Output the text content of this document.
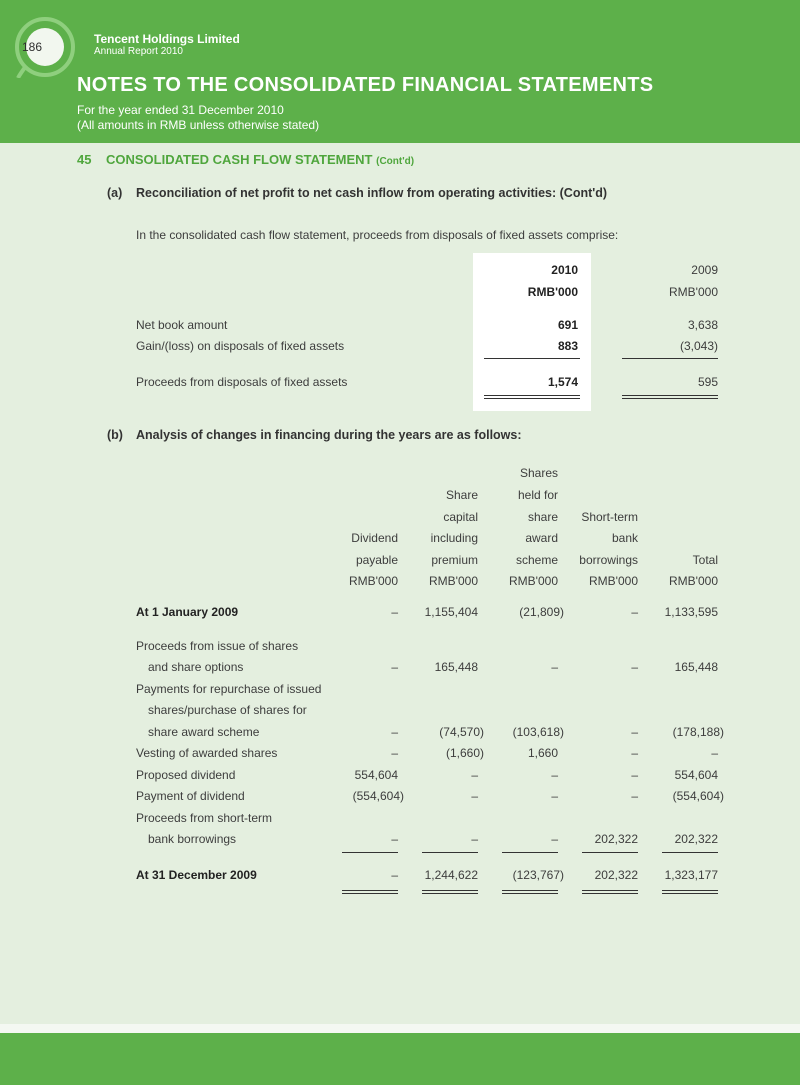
186
Tencent Holdings Limited
Annual Report 2010
NOTES TO THE CONSOLIDATED FINANCIAL STATEMENTS
For the year ended 31 December 2010
(All amounts in RMB unless otherwise stated)
45 CONSOLIDATED CASH FLOW STATEMENT (Cont'd)
(a) Reconciliation of net profit to net cash inflow from operating activities: (Cont'd)
In the consolidated cash flow statement, proceeds from disposals of fixed assets comprise:
2010	2009
RMB'000	RMB'000
Net book amount	691	3,638
Gain/(loss) on disposals of fixed assets	883	(3,043)
Proceeds from disposals of fixed assets	1,574	595
(b) Analysis of changes in financing during the years are as follows:
Dividend
payable
RMB'000
Share
capital
including
premium
RMB'000
Shares
held for
share
award
scheme
RMB'000
Short-term
bank
borrowings
RMB'000
Total
RMB'000
At 1 January 2009	–	1,155,404	(21,809)	–	1,133,595
Proceeds from issue of shares
and share options	–	165,448	–	–	165,448
Payments for repurchase of issued
shares/purchase of shares for
share award scheme	–	(74,570)	(103,618)	–	(178,188)
Vesting of awarded shares	–	(1,660)	1,660	–	–
Proposed dividend	554,604	–	–	–	554,604
Payment of dividend	(554,604)	–	–	–	(554,604)
Proceeds from short-term
bank borrowings	–	–	–	202,322	202,322
At 31 December 2009	–	1,244,622	(123,767)	202,322	1,323,177
